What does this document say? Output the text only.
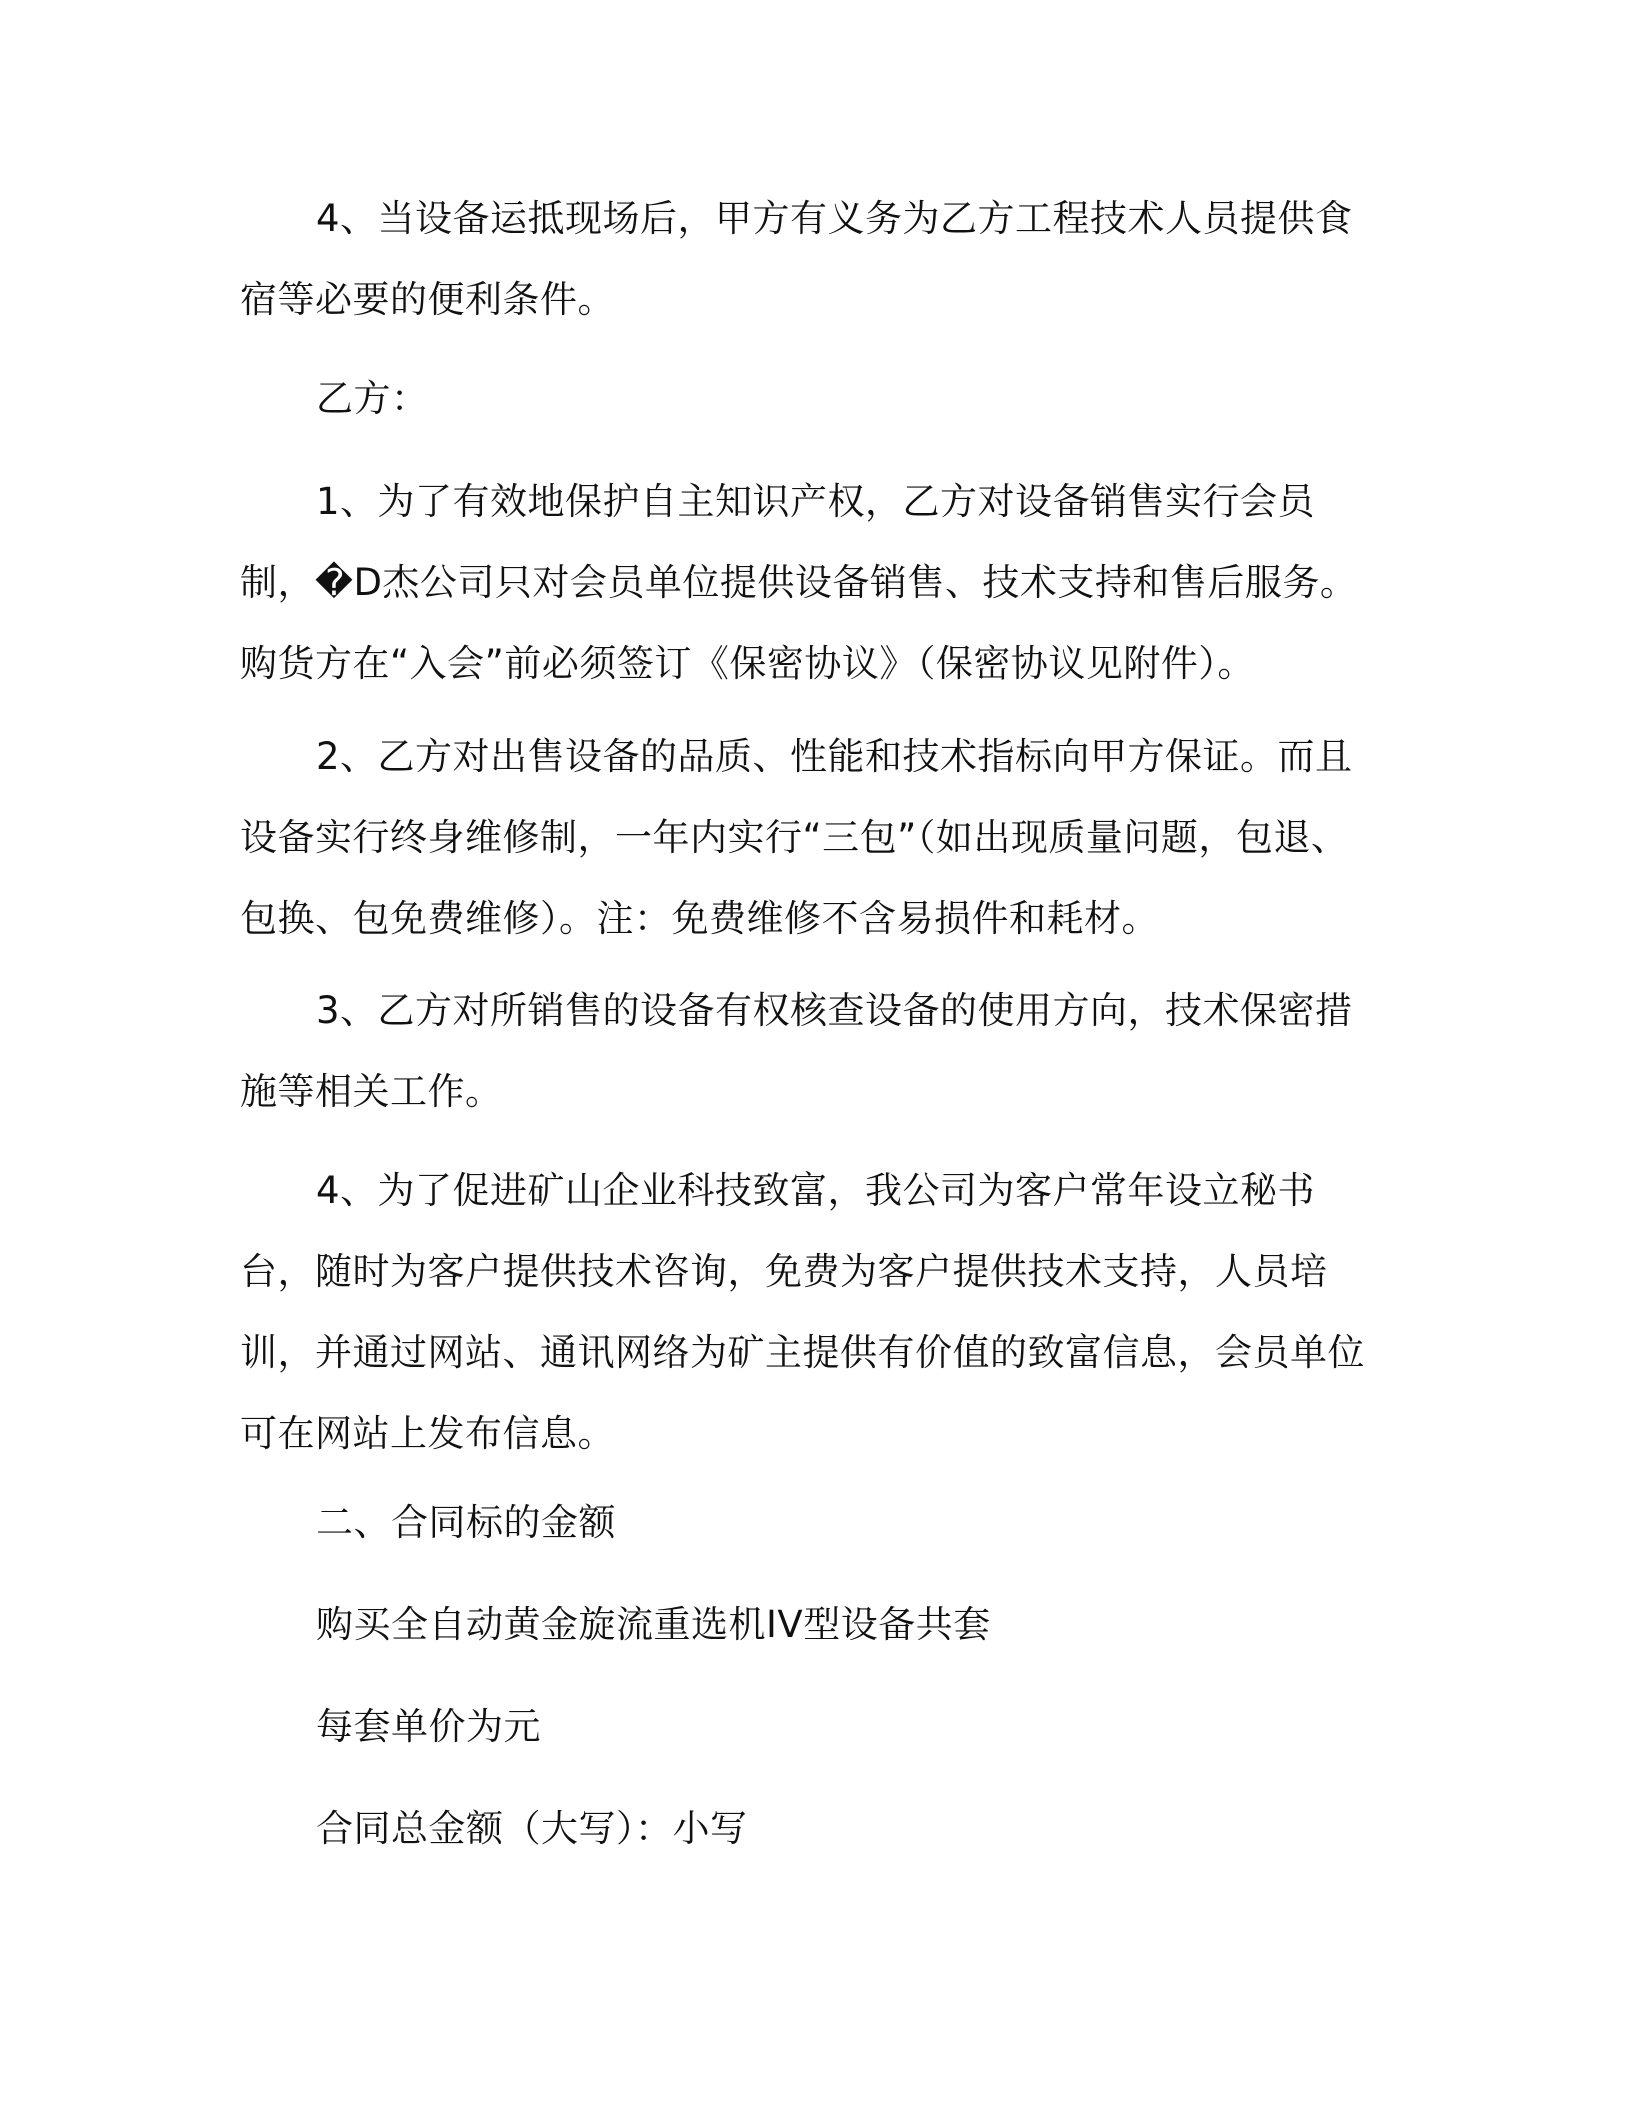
4、当设备运抵现场后，甲方有义务为乙方工程技术人员提供食宿等必要的便利条件。

乙方：

1、为了有效地保护自主知识产权，乙方对设备销售实行会员制，�D杰公司只对会员单位提供设备销售、技术支持和售后服务。购货方在“入会”前必须签订《保密协议》（保密协议见附件）。

2、乙方对出售设备的品质、性能和技术指标向甲方保证。而且设备实行终身维修制，一年内实行“三包”（如出现质量问题，包退、包换、包免费维修）。注：免费维修不含易损件和耗材。

3、乙方对所销售的设备有权核查设备的使用方向，技术保密措施等相关工作。

4、为了促进矿山企业科技致富，我公司为客户常年设立秘书台，随时为客户提供技术咨询，免费为客户提供技术支持，人员培训，并通过网站、通讯网络为矿主提供有价值的致富信息，会员单位可在网站上发布信息。

二、合同标的金额

购买全自动黄金旋流重选机IV型设备共套

每套单价为元

合同总金额（大写）：小写
